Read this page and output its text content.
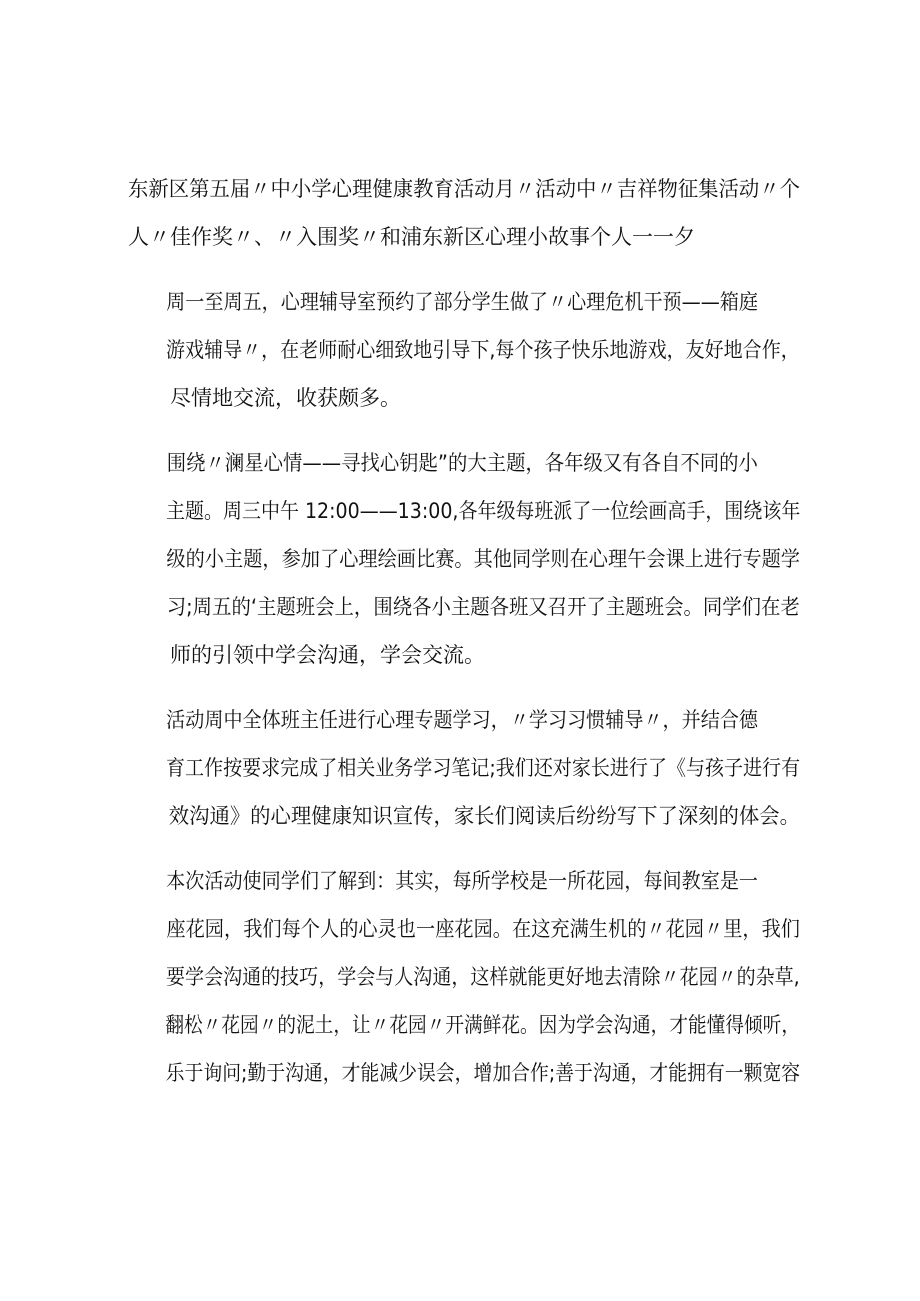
东新区第五届〃中小学心理健康教育活动月〃活动中〃吉祥物征集活动〃个
人〃佳作奖〃、〃入围奖〃和浦东新区心理小故事个人一一夕

周一至周五，心理辅导室预约了部分学生做了〃心理危机干预——箱庭
游戏辅导〃，在老师耐心细致地引导下,每个孩子快乐地游戏，友好地合作，
尽情地交流，收获颇多。

围绕〃澜星心情——寻找心钥匙”的大主题，各年级又有各自不同的小
主题。周三中午 12:00——13:00,各年级每班派了一位绘画高手，围绕该年
级的小主题，参加了心理绘画比赛。其他同学则在心理午会课上进行专题学
习;周五的‘主题班会上，围绕各小主题各班又召开了主题班会。同学们在老
师的引领中学会沟通，学会交流。

活动周中全体班主任进行心理专题学习，〃学习习惯辅导〃，并结合德
育工作按要求完成了相关业务学习笔记;我们还对家长进行了《与孩子进行有
效沟通》的心理健康知识宣传，家长们阅读后纷纷写下了深刻的体会。

本次活动使同学们了解到：其实，每所学校是一所花园，每间教室是一
座花园，我们每个人的心灵也一座花园。在这充满生机的〃花园〃里，我们
要学会沟通的技巧，学会与人沟通，这样就能更好地去清除〃花园〃的杂草,
翻松〃花园〃的泥土，让〃花园〃开满鲜花。因为学会沟通，才能懂得倾听，
乐于询问;勤于沟通，才能减少误会，增加合作;善于沟通，才能拥有一颗宽容
